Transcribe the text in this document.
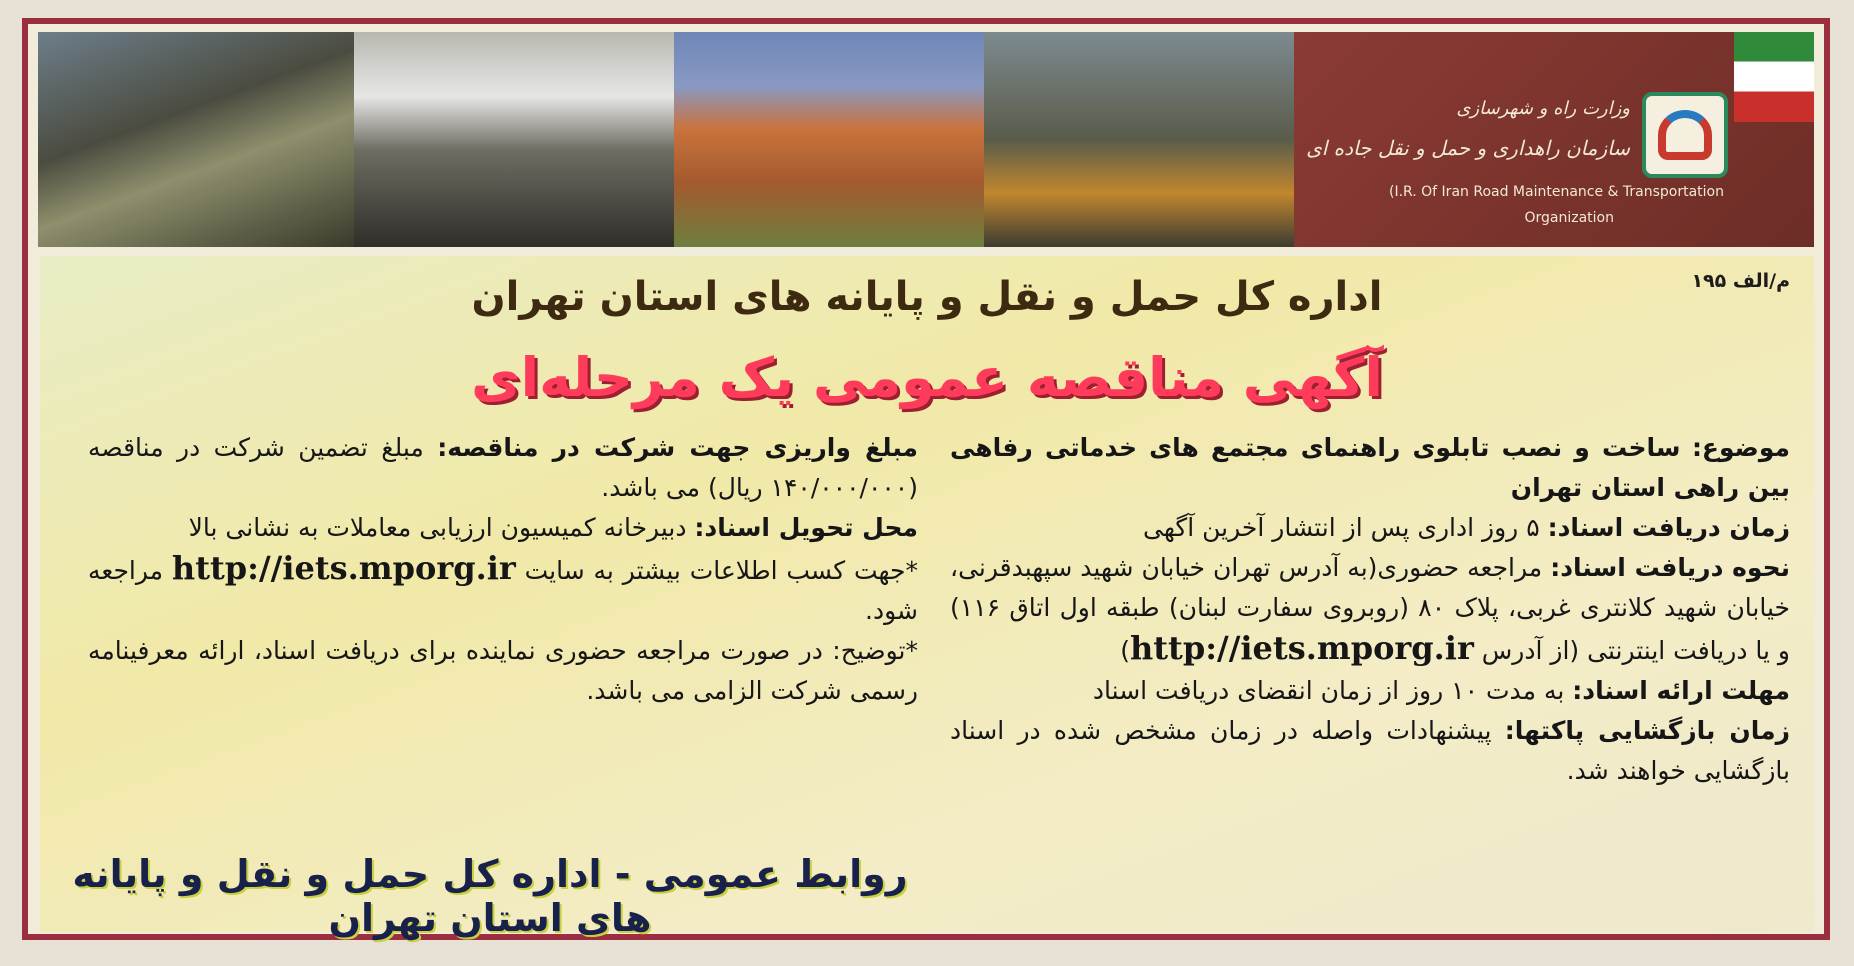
وزارت راه و شهرسازی
سازمان راهداری و حمل و نقل جاده ای
(I.R. Of Iran Road Maintenance & Transportation
Organization
م/الف ۱۹۵
اداره کل حمل و نقل و پایانه های استان تهران
آگهی مناقصه عمومی یک مرحله‌ای

موضوع: ساخت و نصب تابلوی راهنمای مجتمع های خدماتی رفاهی بین راهی استان تهران

زمان دریافت اسناد: ۵ روز اداری پس از انتشار آخرین آگهی

نحوه دریافت اسناد: مراجعه حضوری(به آدرس تهران خیابان شهید سپهبدقرنی، خیابان شهید کلانتری غربی، پلاک ۸۰ (روبروی سفارت لبنان) طبقه اول اتاق ۱۱۶) و یا دریافت اینترنتی (از آدرس http://iets.mporg.ir)

مهلت ارائه اسناد: به مدت ۱۰ روز از زمان انقضای دریافت اسناد

زمان بازگشایی پاکتها: پیشنهادات واصله در زمان مشخص شده در اسناد بازگشایی خواهند شد.

مبلغ واریزی جهت شرکت در مناقصه: مبلغ تضمین شرکت در مناقصه (۱۴۰/۰۰۰/۰۰۰ ریال) می باشد.

محل تحویل اسناد: دبیرخانه کمیسیون ارزیابی معاملات به نشانی بالا

*جهت کسب اطلاعات بیشتر به سایت http://iets.mporg.ir مراجعه شود.

*توضیح: در صورت مراجعه حضوری نماینده برای دریافت اسناد، ارائه معرفینامه رسمی شرکت الزامی می باشد.

روابط عمومی - اداره کل حمل و نقل و پایانه های استان تهران
